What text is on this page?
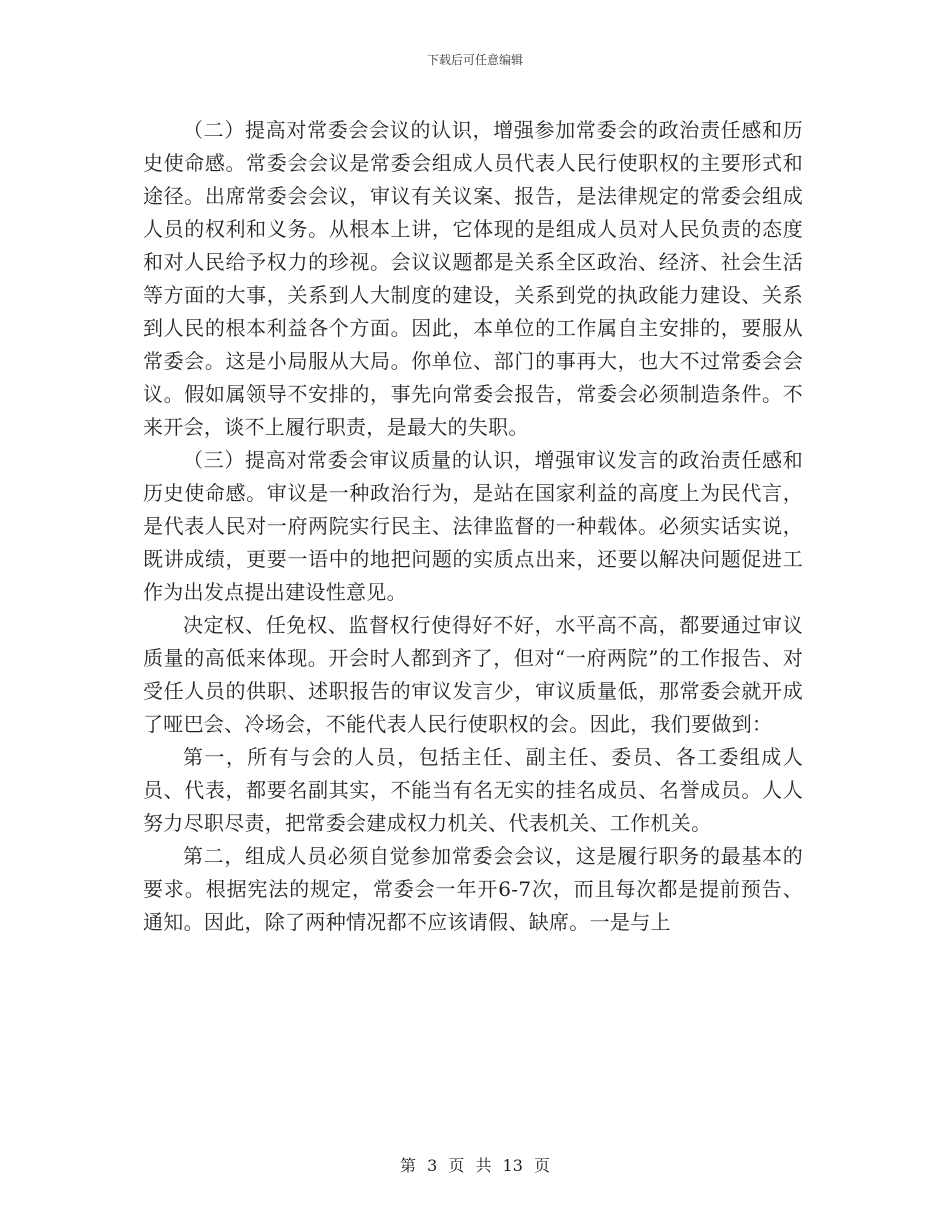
下载后可任意编辑

（二）提高对常委会会议的认识，增强参加常委会的政治责任感和历史使命感。常委会会议是常委会组成人员代表人民行使职权的主要形式和途径。出席常委会会议，审议有关议案、报告，是法律规定的常委会组成人员的权利和义务。从根本上讲，它体现的是组成人员对人民负责的态度和对人民给予权力的珍视。会议议题都是关系全区政治、经济、社会生活等方面的大事，关系到人大制度的建设，关系到党的执政能力建设、关系到人民的根本利益各个方面。因此，本单位的工作属自主安排的，要服从常委会。这是小局服从大局。你单位、部门的事再大，也大不过常委会会议。假如属领导不安排的，事先向常委会报告，常委会必须制造条件。不来开会，谈不上履行职责，是最大的失职。

（三）提高对常委会审议质量的认识，增强审议发言的政治责任感和历史使命感。审议是一种政治行为，是站在国家利益的高度上为民代言，是代表人民对一府两院实行民主、法律监督的一种载体。必须实话实说，既讲成绩，更要一语中的地把问题的实质点出来，还要以解决问题促进工作为出发点提出建设性意见。

决定权、任免权、监督权行使得好不好，水平高不高，都要通过审议质量的高低来体现。开会时人都到齐了，但对“一府两院”的工作报告、对受任人员的供职、述职报告的审议发言少，审议质量低，那常委会就开成了哑巴会、冷场会，不能代表人民行使职权的会。因此，我们要做到：

第一，所有与会的人员，包括主任、副主任、委员、各工委组成人员、代表，都要名副其实，不能当有名无实的挂名成员、名誉成员。人人努力尽职尽责，把常委会建成权力机关、代表机关、工作机关。

第二，组成人员必须自觉参加常委会会议，这是履行职务的最基本的要求。根据宪法的规定，常委会一年开6-7次，而且每次都是提前预告、通知。因此，除了两种情况都不应该请假、缺席。一是与上

第 3 页 共 13 页
